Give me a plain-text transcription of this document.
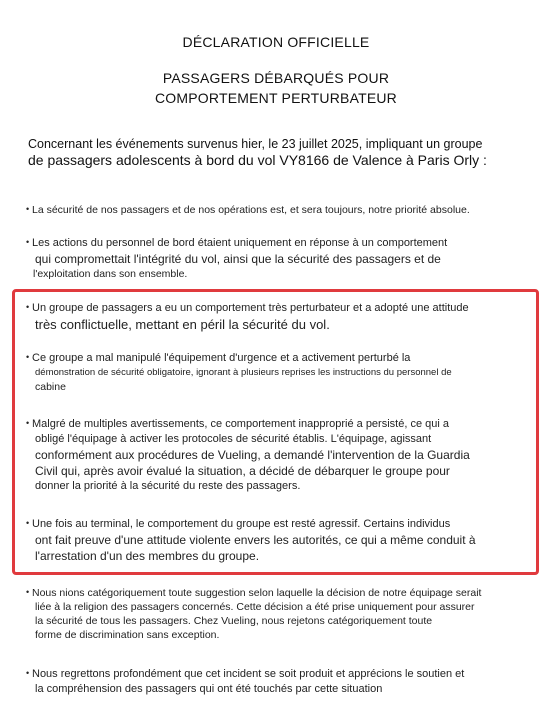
DÉCLARATION OFFICIELLE
PASSAGERS DÉBARQUÉS POUR
COMPORTEMENT PERTURBATEUR
Concernant les événements survenus hier, le 23 juillet 2025, impliquant un groupe
de passagers adolescents à bord du vol VY8166 de Valence à Paris Orly :
• La sécurité de nos passagers et de nos opérations est, et sera toujours, notre priorité absolue.
• Les actions du personnel de bord étaient uniquement en réponse à un comportement
qui compromettait l'intégrité du vol, ainsi que la sécurité des passagers et de
l'exploitation dans son ensemble.
• Un groupe de passagers a eu un comportement très perturbateur et a adopté une attitude
très conflictuelle, mettant en péril la sécurité du vol.
• Ce groupe a mal manipulé l'équipement d'urgence et a activement perturbé la
démonstration de sécurité obligatoire, ignorant à plusieurs reprises les instructions du personnel de
cabine
• Malgré de multiples avertissements, ce comportement inapproprié a persisté, ce qui a
obligé l'équipage à activer les protocoles de sécurité établis. L'équipage, agissant
conformément aux procédures de Vueling, a demandé l'intervention de la Guardia
Civil qui, après avoir évalué la situation, a décidé de débarquer le groupe pour
donner la priorité à la sécurité du reste des passagers.
• Une fois au terminal, le comportement du groupe est resté agressif. Certains individus
ont fait preuve d'une attitude violente envers les autorités, ce qui a même conduit à
l'arrestation d'un des membres du groupe.
• Nous nions catégoriquement toute suggestion selon laquelle la décision de notre équipage serait
liée à la religion des passagers concernés. Cette décision a été prise uniquement pour assurer
la sécurité de tous les passagers. Chez Vueling, nous rejetons catégoriquement toute
forme de discrimination sans exception.
• Nous regrettons profondément que cet incident se soit produit et apprécions le soutien et
la compréhension des passagers qui ont été touchés par cette situation
